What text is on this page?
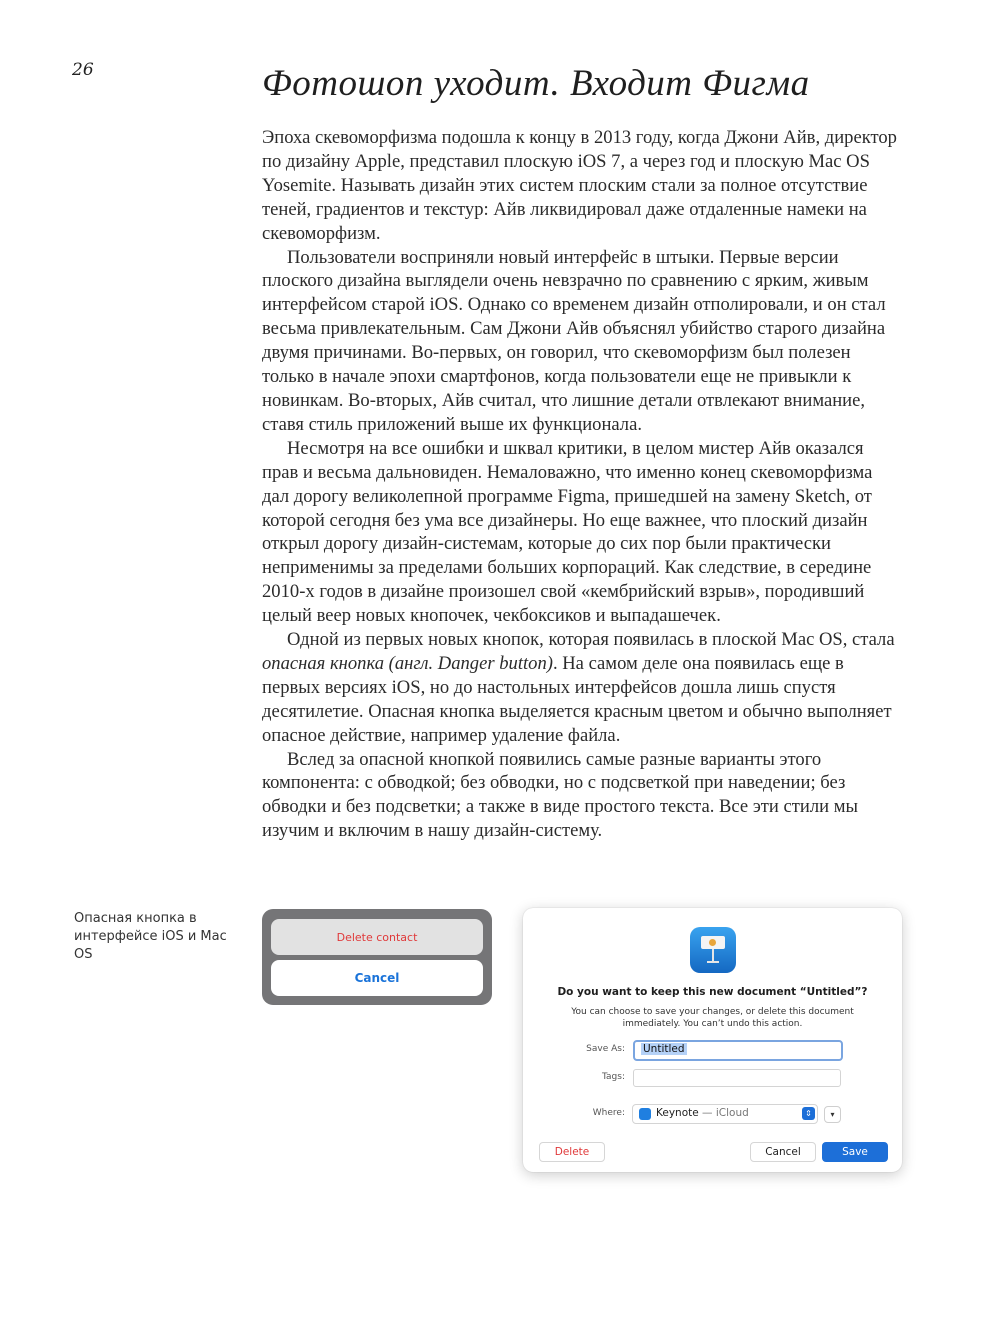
26	Фотошоп уходит. Входит Фигма

Эпоха скевоморфизма подошла к концу в 2013 году, когда Джони Айв, директор по дизайну Apple, представил плоскую iOS 7, а через год и плоскую Mac OS Yosemite. Называть дизайн этих систем плоским стали за полное отсутствие теней, градиентов и текстур: Айв ликвидировал даже отдаленные намеки на скевоморфизм.

Пользователи восприняли новый интерфейс в штыки. Первые версии плоского дизайна выглядели очень невзрачно по сравнению с ярким, живым интерфейсом старой iOS. Однако со временем дизайн отполировали, и он стал весьма привлекательным. Сам Джони Айв объяснял убийство старого дизайна двумя причинами. Во-первых, он говорил, что скевоморфизм был полезен только в начале эпохи смартфонов, когда пользователи еще не привыкли к новинкам. Во-вторых, Айв считал, что лишние детали отвлекают внимание, ставя стиль приложений выше их функционала.

Несмотря на все ошибки и шквал критики, в целом мистер Айв оказался прав и весьма дальновиден. Немаловажно, что именно конец скевоморфизма дал дорогу великолепной программе Figma, пришедшей на замену Sketch, от которой сегодня без ума все дизайнеры. Но еще важнее, что плоский дизайн открыл дорогу дизайн-системам, которые до сих пор были практически неприменимы за пределами больших корпораций. Как следствие, в середине 2010-х годов в дизайне произошел свой «кембрийский взрыв», породивший целый веер новых кнопочек, чекбоксиков и выпадашечек.

Одной из первых новых кнопок, которая появилась в плоской Mac OS, стала опасная кнопка (англ. Danger button). На самом деле она появилась еще в первых версиях iOS, но до настольных интерфейсов дошла лишь спустя десятилетие. Опасная кнопка выделяется красным цветом и обычно выполняет опасное действие, например удаление файла.

Вслед за опасной кнопкой появились самые разные варианты этого компонента: с обводкой; без обводки, но с подсветкой при наведении; без обводки и без подсветки; а также в виде простого текста. Все эти стили мы изучим и включим в нашу дизайн-систему.

Опасная кнопка в интерфейсе iOS и Mac OS
Delete contact
Cancel
Do you want to keep this new document “Untitled”?
You can choose to save your changes, or delete this document immediately. You can’t undo this action.
Save As: Untitled
Tags:
Where:	Keynote — iCloud	⇕	▾
Delete	Cancel	Save
